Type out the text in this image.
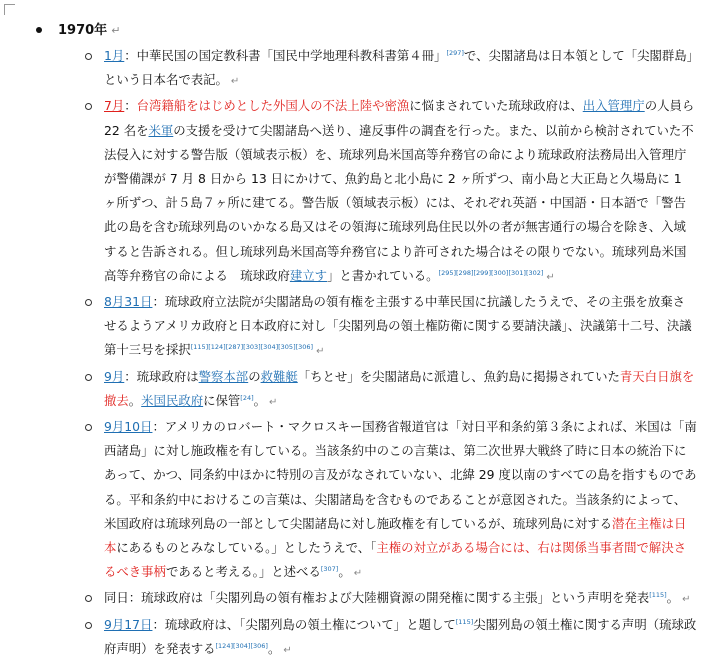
1970年 ↵
1月：中華民国の国定教科書「国民中学地理科教科書第４冊」[297]で、尖閣諸島は日本領として「尖閣群島」という日本名で表記。 ↵
7月：台湾籍船をはじめとした外国人の不法上陸や密漁に悩まされていた琉球政府は、出入管理庁の人員ら 22 名を米軍の支援を受けて尖閣諸島へ送り、違反事件の調査を行った。また、以前から検討されていた不法侵入に対する警告版（領域表示板）を、琉球列島米国高等弁務官の命により琉球政府法務局出入管理庁が警備課が 7 月 8 日から 13 日にかけて、魚釣島と北小島に 2 ヶ所ずつ、南小島と大正島と久場島に 1 ヶ所ずつ、計５島７ヶ所に建てる。警告版（領域表示板）には、それぞれ英語・中国語・日本語で「警告　此の島を含む琉球列島のいかなる島又はその領海に琉球列島住民以外の者が無害通行の場合を除き、入域すると告訴される。但し琉球列島米国高等弁務官により許可された場合はその限りでない。琉球列島米国高等弁務官の命による　琉球政府建立す」と書かれている。[295][298][299][300][301][302] ↵
8月31日：琉球政府立法院が尖閣諸島の領有権を主張する中華民国に抗議したうえで、その主張を放棄させるようアメリカ政府と日本政府に対し「尖閣列島の領土権防衛に関する要請決議」、決議第十二号、決議第十三号を採択[115][124][287][303][304][305][306] ↵
9月：琉球政府は警察本部の救難艇「ちとせ」を尖閣諸島に派遣し、魚釣島に掲揚されていた青天白日旗を撤去。米国民政府に保管[24]。 ↵
9月10日：アメリカのロバート・マクロスキー国務省報道官は「対日平和条約第３条によれば、米国は「南西諸島」に対し施政権を有している。当該条約中のこの言葉は、第二次世界大戦終了時に日本の統治下にあって、かつ、同条約中ほかに特別の言及がなされていない、北緯 29 度以南のすべての島を指すものである。平和条約中におけるこの言葉は、尖閣諸島を含むものであることが意図された。当該条約によって、米国政府は琉球列島の一部として尖閣諸島に対し施政権を有しているが、琉球列島に対する潜在主権は日本にあるものとみなしている。」としたうえで、「主権の対立がある場合には、右は関係当事者間で解決さるべき事柄であると考える。」と述べる[307]。 ↵
同日：琉球政府は「尖閣列島の領有権および大陸棚資源の開発権に関する主張」という声明を発表[115]。 ↵
9月17日：琉球政府は、「尖閣列島の領土権について」と題して[115]尖閣列島の領土権に関する声明（琉球政府声明）を発表する[124][304][306]。 ↵
